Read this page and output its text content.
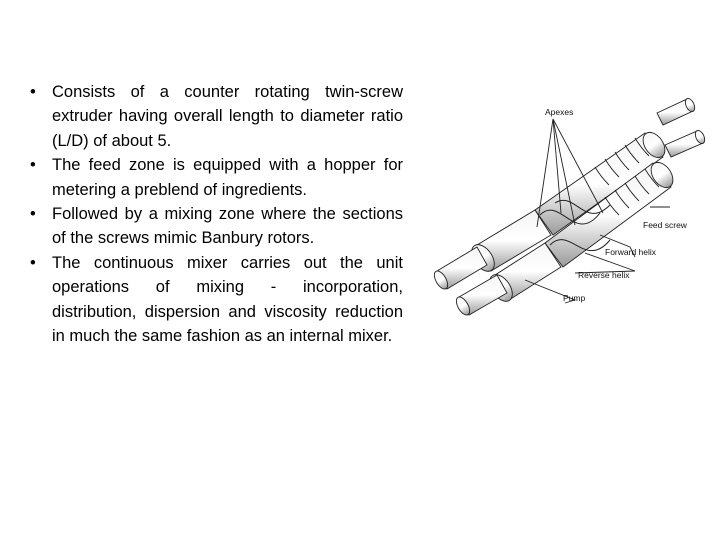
• Consists of a counter rotating twin-screw extruder having overall length to diameter ratio (L/D) of about 5.
• The feed zone is equipped with a hopper for metering a preblend of ingredients.
• Followed by a mixing zone where the sections of the screws mimic Banbury rotors.
• The continuous mixer carries out the unit operations of mixing - incorporation, distribution, dispersion and viscosity reduction in much the same fashion as an internal mixer.
Apexes
Feed screw
Forward helix
Reverse helix
Pump
